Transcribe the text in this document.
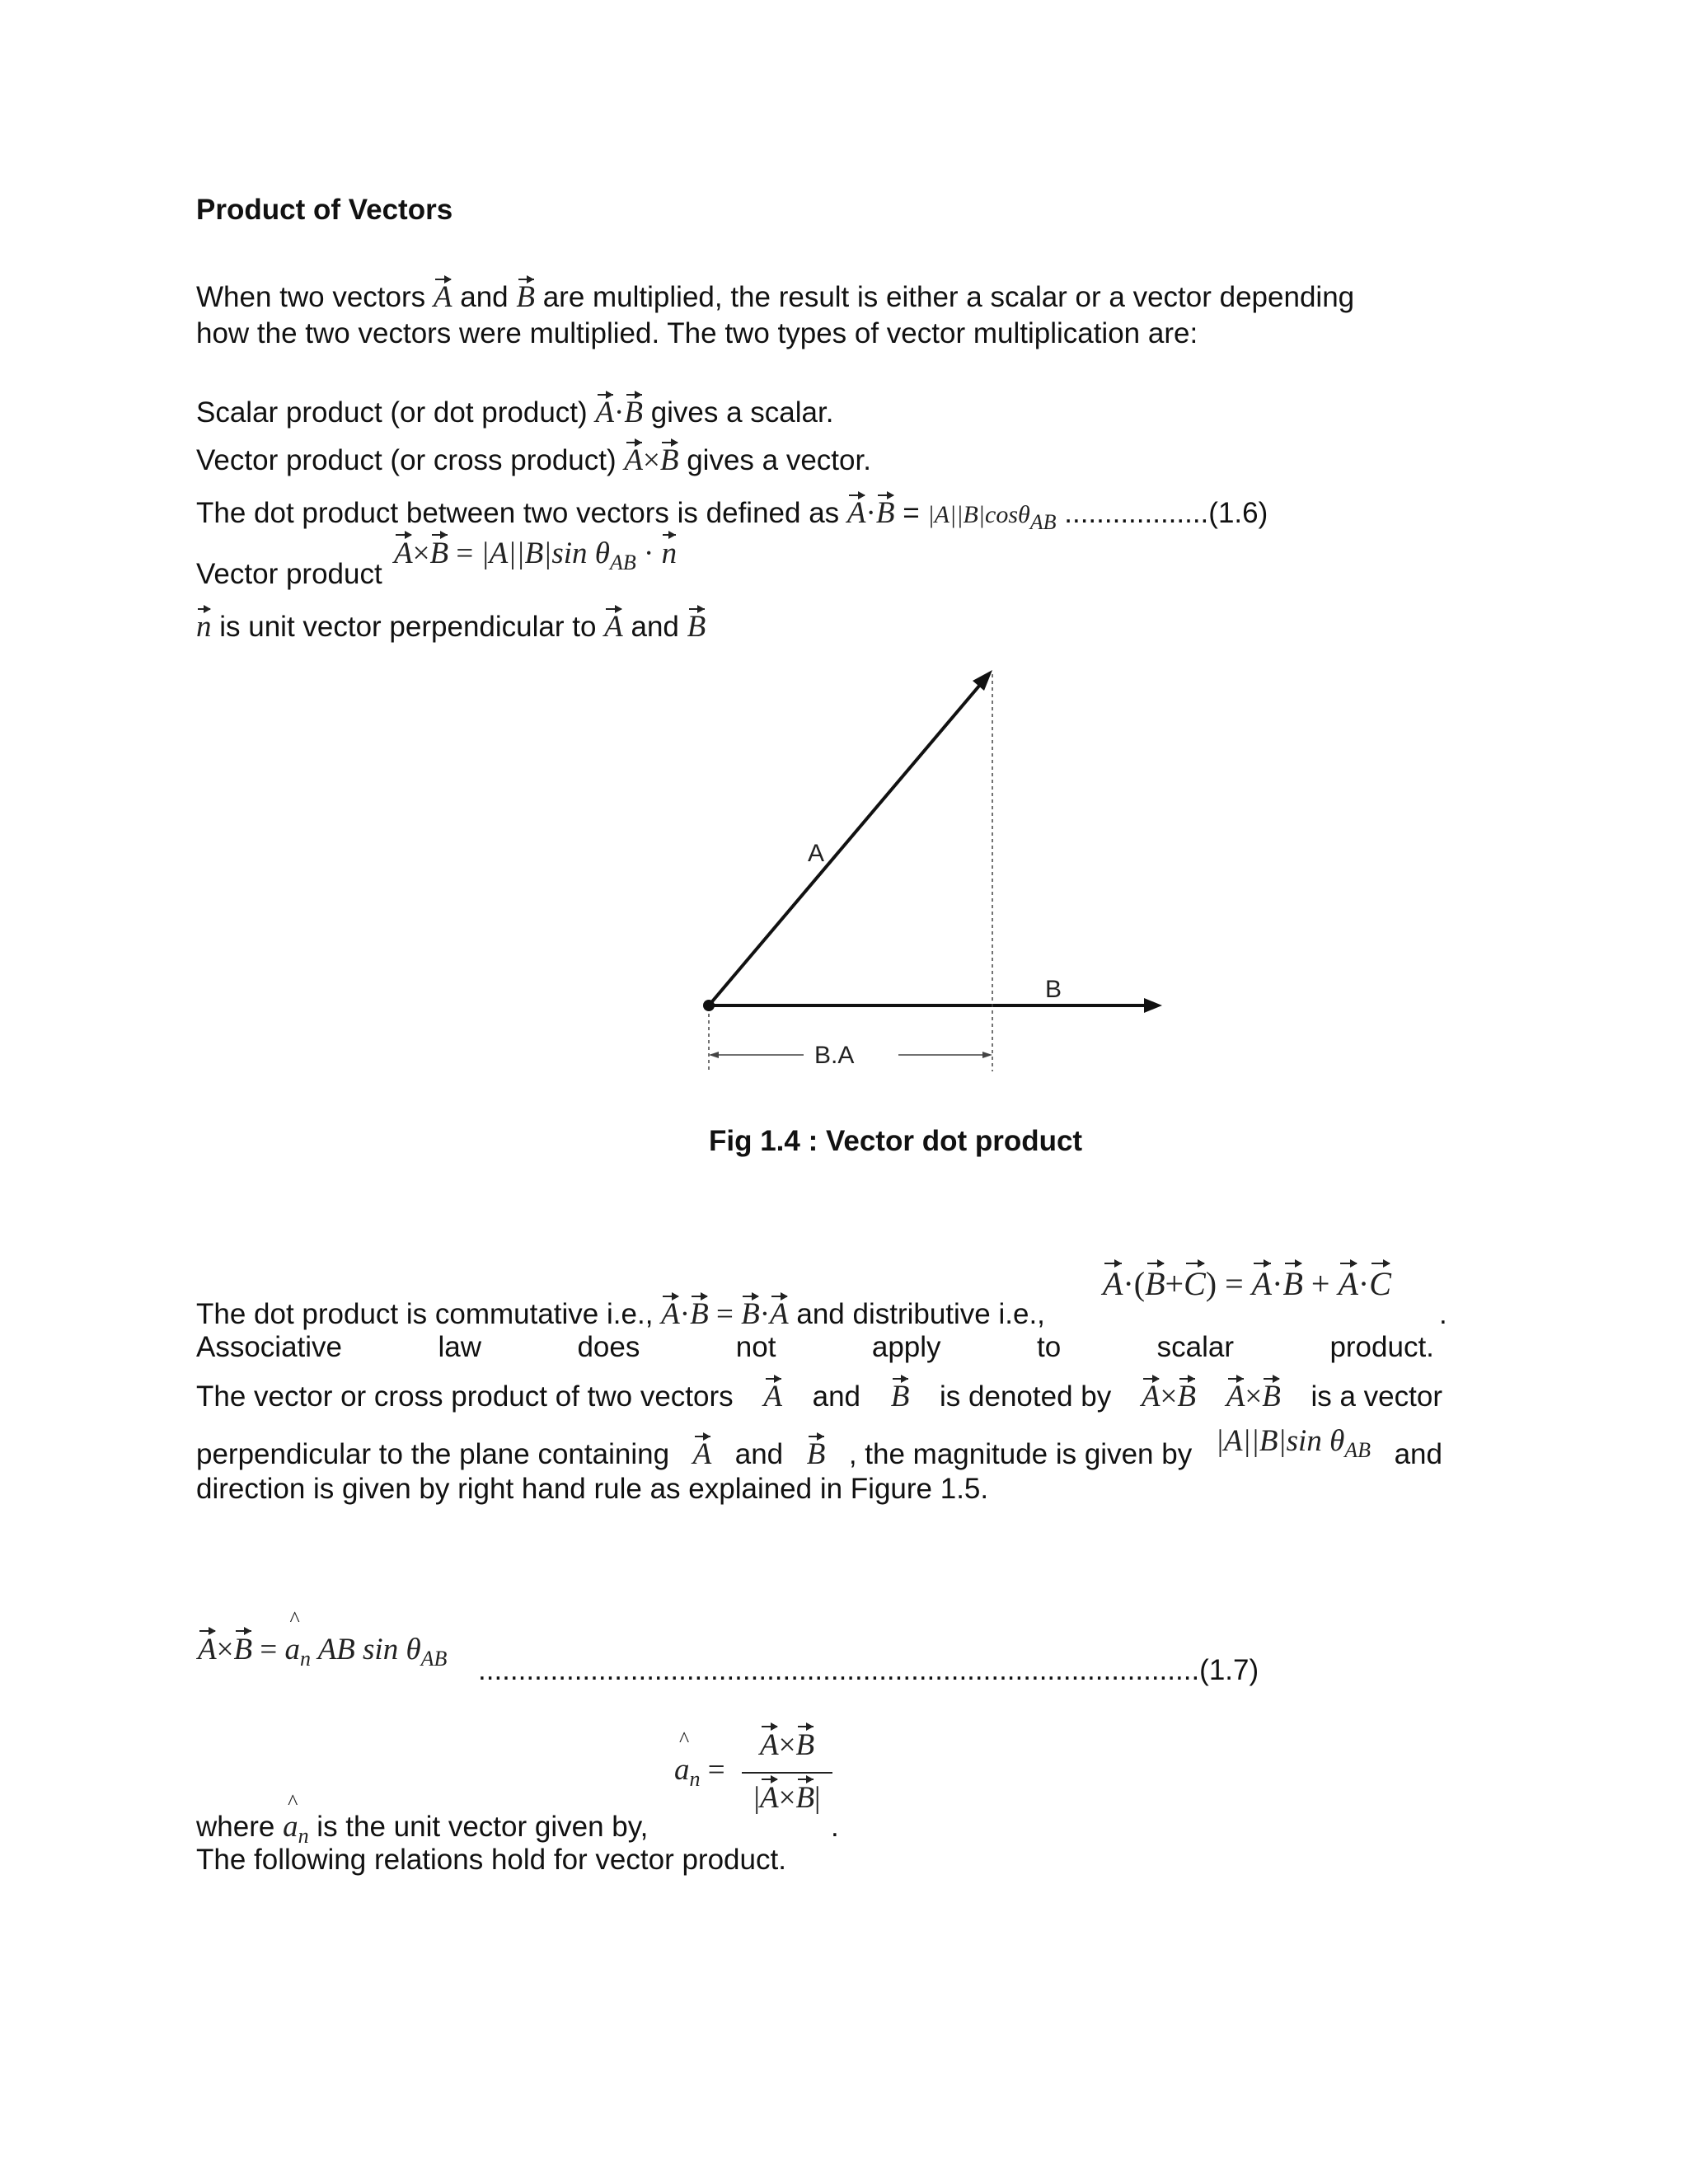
Product of Vectors
When two vectors A and B are multiplied, the result is either a scalar or a vector depending
how the two vectors were multiplied. The two types of vector multiplication are:
Scalar product (or dot product) A·B gives a scalar.
Vector product (or cross product) A×B gives a vector.
The dot product between two vectors is defined as A·B = |A||B|cosθAB ..................(1.6)
A×B = |A||B|sin $\theta_{AB} \cdot n$
Vector product
n is unit vector perpendicular to A and B
B.A
A
B
Fig 1.4 : Vector dot product
A·(B+C) = A·B + A·C
The dot product is commutative i.e., A·B = B·A and distributive i.e.,	.
Associative	law	does	not	apply	to	scalar	product.
The vector or cross product of two vectors A and B is denoted by A×B A×B is a vector
perpendicular to the plane containing A and B , the magnitude is given by |A||B|sin $\theta_{AB}$ and
direction is given by right hand rule as explained in Figure 1.5.
A×B = ^ $a_n$ AB $\sin \theta_{AB}$ ..........................................................................................(1.7)
^ $a_n$ =
A×B
|A×B|
where ^ $a_n$ is the unit vector given by,	.
The following relations hold for vector product.
